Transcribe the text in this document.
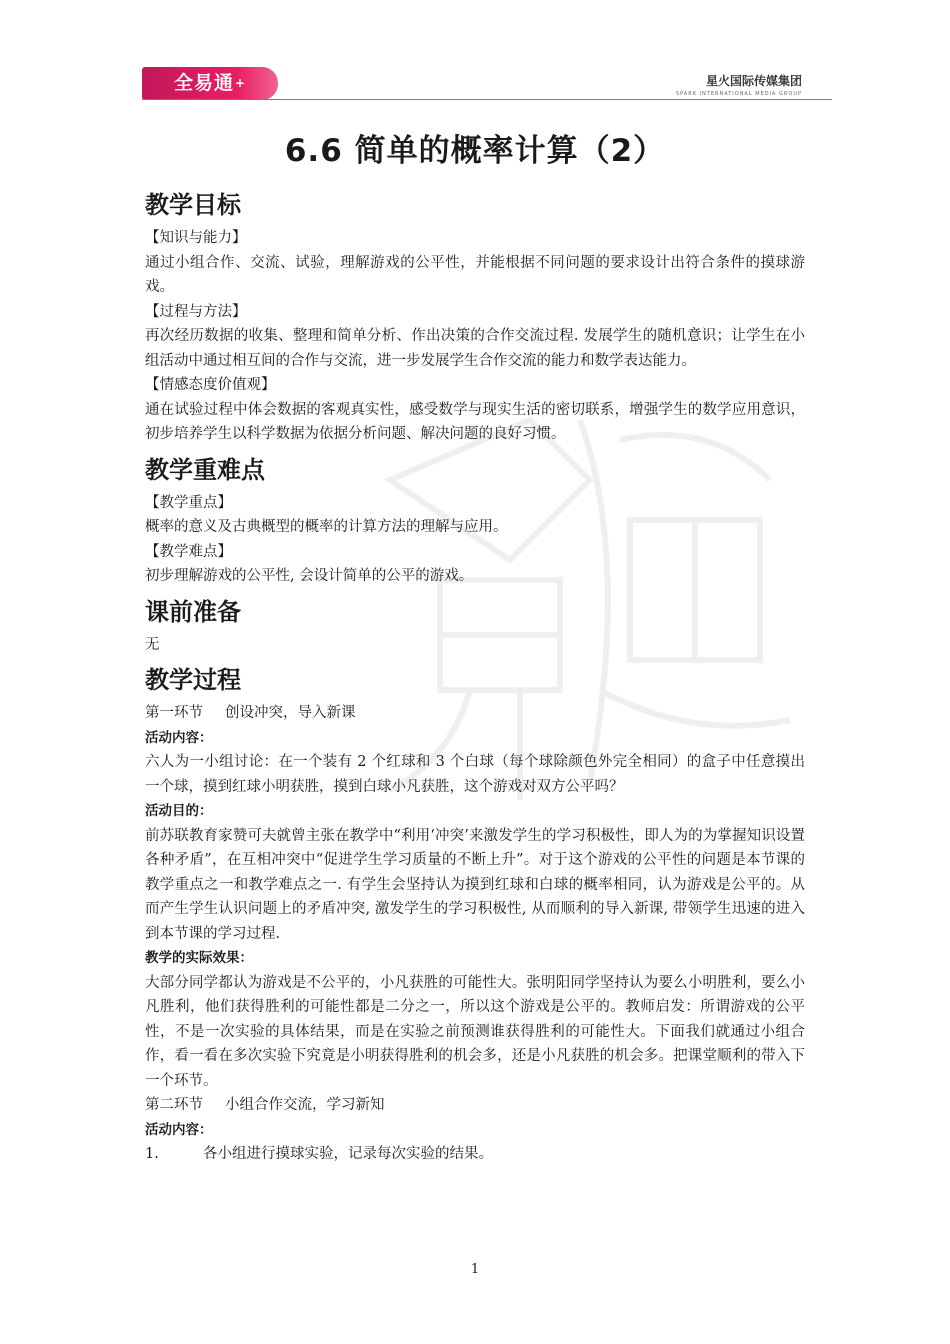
全易通+	星火国际传媒集团
SPARK INTERNATIONAL MEDIA GROUP
6.6 简单的概率计算（2）
教学目标
【知识与能力】

通过小组合作、交流、试验，理解游戏的公平性，并能根据不同问题的要求设计出符合条件的摸球游戏。

【过程与方法】

再次经历数据的收集、整理和简单分析、作出决策的合作交流过程. 发展学生的随机意识；让学生在小组活动中通过相互间的合作与交流，进一步发展学生合作交流的能力和数学表达能力。

【情感态度价值观】

通在试验过程中体会数据的客观真实性，感受数学与现实生活的密切联系，增强学生的数学应用意识，初步培养学生以科学数据为依据分析问题、解决问题的良好习惯。

教学重难点
【教学重点】

概率的意义及古典概型的概率的计算方法的理解与应用。

【教学难点】

初步理解游戏的公平性, 会设计简单的公平的游戏。

课前准备

无

教学过程
第一环节 创设冲突，导入新课
活动内容：

六人为一小组讨论：在一个装有 2 个红球和 3 个白球（每个球除颜色外完全相同）的盒子中任意摸出一个球，摸到红球小明获胜，摸到白球小凡获胜，这个游戏对双方公平吗？

活动目的：

前苏联教育家赞可夫就曾主张在教学中“利用‘冲突’来激发学生的学习积极性，即人为的为掌握知识设置各种矛盾”，在互相冲突中“促进学生学习质量的不断上升”。对于这个游戏的公平性的问题是本节课的教学重点之一和教学难点之一. 有学生会坚持认为摸到红球和白球的概率相同，认为游戏是公平的。从而产生学生认识问题上的矛盾冲突, 激发学生的学习积极性, 从而顺利的导入新课, 带领学生迅速的进入到本节课的学习过程.

教学的实际效果：

大部分同学都认为游戏是不公平的，小凡获胜的可能性大。张明阳同学坚持认为要么小明胜利，要么小凡胜利，他们获得胜利的可能性都是二分之一，所以这个游戏是公平的。教师启发：所谓游戏的公平性，不是一次实验的具体结果，而是在实验之前预测谁获得胜利的可能性大。下面我们就通过小组合作，看一看在多次实验下究竟是小明获得胜利的机会多，还是小凡获胜的机会多。把课堂顺利的带入下一个环节。

第二环节 小组合作交流，学习新知
活动内容：
1.	各小组进行摸球实验，记录每次实验的结果。
1
